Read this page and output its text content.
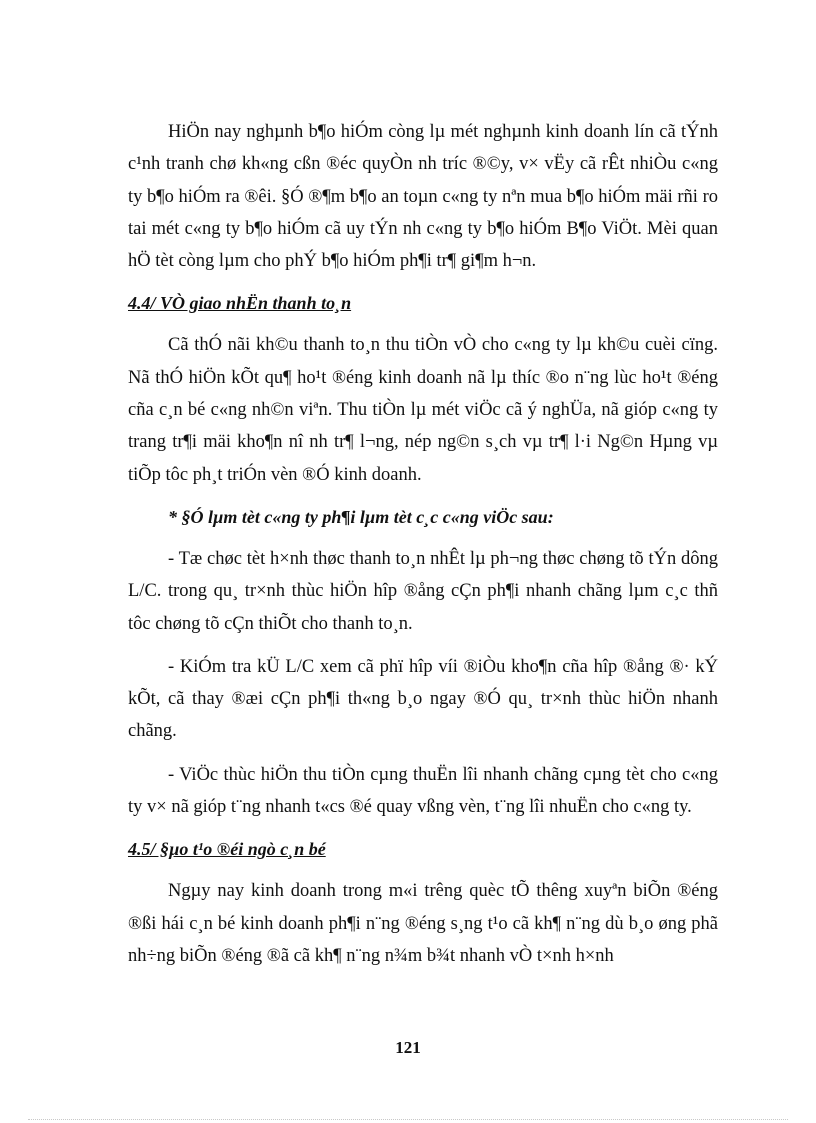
HiÖn nay nghµnh b¶o hiÓm còng lµ mét nghµnh kinh doanh lín cã tÝnh c¹nh tranh chø kh«ng cßn ®éc quyÒn nh tríc ®©y, v× vËy cã rÊt nhiÒu c«ng ty b¶o hiÓm ra ®êi. §Ó ®¶m b¶o an toµn c«ng ty nªn mua b¶o hiÓm mäi rñi ro tai mét c«ng ty b¶o hiÓm cã uy tÝn nh c«ng ty b¶o hiÓm B¶o ViÖt. Mèi quan hÖ tèt còng lµm cho phÝ b¶o hiÓm ph¶i tr¶ gi¶m h¬n.

4.4/ VÒ giao nhËn thanh to¸n

Cã thÓ nãi kh©u thanh to¸n thu tiÒn vÒ cho c«ng ty lµ kh©u cuèi cïng. Nã thÓ hiÖn kÕt qu¶ ho¹t ®éng kinh doanh nã lµ thíc ®o n¨ng lùc ho¹t ®éng cña c¸n bé c«ng nh©n viªn. Thu tiÒn lµ mét viÖc cã ý nghÜa, nã gióp c«ng ty trang tr¶i mäi kho¶n nî nh tr¶ l¬ng, nép ng©n s¸ch vµ tr¶ l·i Ng©n Hµng vµ tiÕp tôc ph¸t triÓn vèn ®Ó kinh doanh.

* §Ó lµm tèt c«ng ty ph¶i lµm tèt c¸c c«ng viÖc sau:

- Tæ chøc tèt h×nh thøc thanh to¸n nhÊt lµ ph¬ng thøc chøng tõ tÝn dông L/C. trong qu¸ tr×nh thùc hiÖn hîp ®ång cÇn ph¶i nhanh chãng lµm c¸c thñ tôc chøng tõ cÇn thiÕt cho thanh to¸n.

- KiÓm tra kÜ L/C xem cã phï hîp víi ®iÒu kho¶n cña hîp ®ång ®· kÝ kÕt, cã thay ®æi cÇn ph¶i th«ng b¸o ngay ®Ó qu¸ tr×nh thùc hiÖn nhanh chãng.

- ViÖc thùc hiÖn thu tiÒn cµng thuËn lîi nhanh chãng cµng tèt cho c«ng ty v× nã gióp t¨ng nhanh t«cs ®é quay vßng vèn, t¨ng lîi nhuËn cho c«ng ty.

4.5/ §µo t¹o ®éi ngò c¸n bé

Ngµy nay kinh doanh trong m«i trêng quèc tÕ thêng xuyªn biÕn ®éng ®ßi hái c¸n bé kinh doanh ph¶i n¨ng ®éng s¸ng t¹o cã kh¶ n¨ng dù b¸o øng phã nh÷ng biÕn ®éng ®ã cã kh¶ n¨ng n¾m b¾t nhanh vÒ t×nh h×nh

121
